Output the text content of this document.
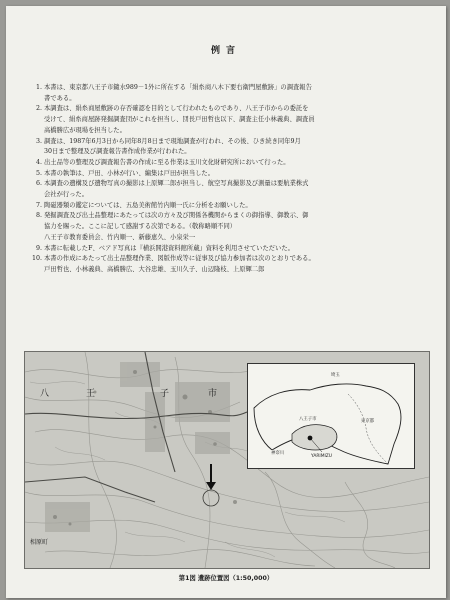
例言
1. 本書は、東京都八王子市鑓水989－1外に所在する「絹糸商八木下要右衛門屋敷跡」の調査報告
書である。
2. 本調査は、絹糸商屋敷跡の存否確認を目的として行われたものであり、八王子市からの委託を
受けて、絹糸商屋跡発掘調査団がこれを担当し、団長戸田哲也以下、調査主任小林義典、調査員
高橋勝広が現場を担当した。
3. 調査は、1987年6月3日から同年8月8日まで現地調査が行われ、その後、ひき続き同年9月
30日まで整理及び調査報告書作成作業が行われた。
4. 出土品等の整理及び調査報告書の作成に至る作業は玉川文化財研究所において行った。
5. 本書の執筆は、戸田、小林が行い、編集は戸田が担当した。
6. 本調査の遺構及び遺物写真の撮影は上原輝二郎が担当し、航空写真撮影及び測量は要航業株式
会社が行った。
7. 陶磁器類の鑑定については、五島美術館竹内順一氏に分析をお願いした。
8. 発掘調査及び出土品整理にあたっては次の方々及び関係各機関からまくの御指導、御教示、御
協力を賜った。ここに記して感謝する次第である。（敬称略順不同）
八王子市教育委員会、竹内順一、新藤恵久、小泉栄一
9. 本書に転載したF、ベアド写真は『横浜開港資料館所蔵』資料を利用させていただいた。
10. 本書の作成にあたって出土品整理作業、図版作成等に従事及び協力参加者は次のとおりである。
戸田哲也、小林義典、高橋勝広、大谷忠雄、玉川久子、山辺隆枝、上原輝二郎
八	王	子	市
相原町
埼玉
東京都
八王子市
神奈川
YARIMIZU
第1図 遺跡位置図（1:50,000）
